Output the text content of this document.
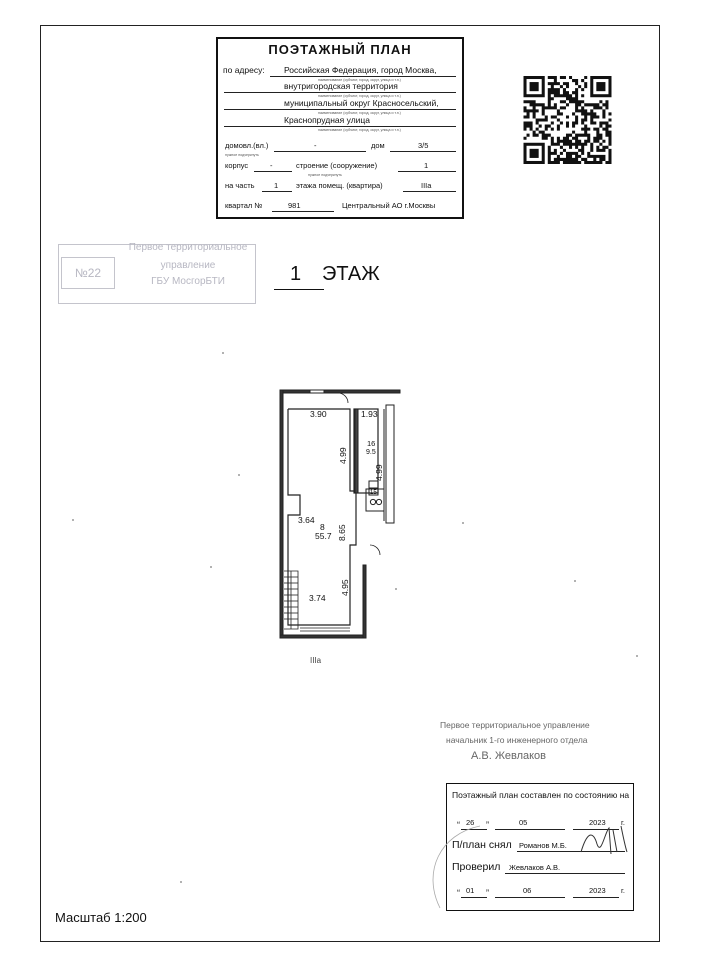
ПОЭТАЖНЫЙ ПЛАН
по адресу: Российская Федерация, город Москва,
наименование (субъект, город, округ, улица и т.п.)
внутригородская территория
наименование (субъект, город, округ, улица и т.п.)
муниципальный округ Красносельский,
наименование (субъект, город, округ, улица и т.п.)
Краснопрудная улица
наименование (субъект, город, округ, улица и т.п.)
домовл.(вл.)	-	дом	3/5
нужное подчеркнуть
корпус	-	строение (сооружение)	1
нужное подчеркнуть
на часть	1 этажа помещ. (квартира)	IIIа
квартал №	981	Центральный АО г.Москвы
№22
Первое территориальное
управление
ГБУ МосгорБТИ	1 ЭТАЖ
3.90	1.93
4.99
4.99
16
9.5
15
3.64
8
55.7 8.65
4.95
3.74
IIIа
Первое территориальное управление
начальник 1-го инженерного отдела
А.В. Жевлаков
Поэтажный план составлен по состоянию на
“ 26 ”	05	2023 г.
П/план снял Романов М.Б.
Проверил Жевлаков А.В.
“ 01 ”	06	2023 г.
Масштаб 1:200
